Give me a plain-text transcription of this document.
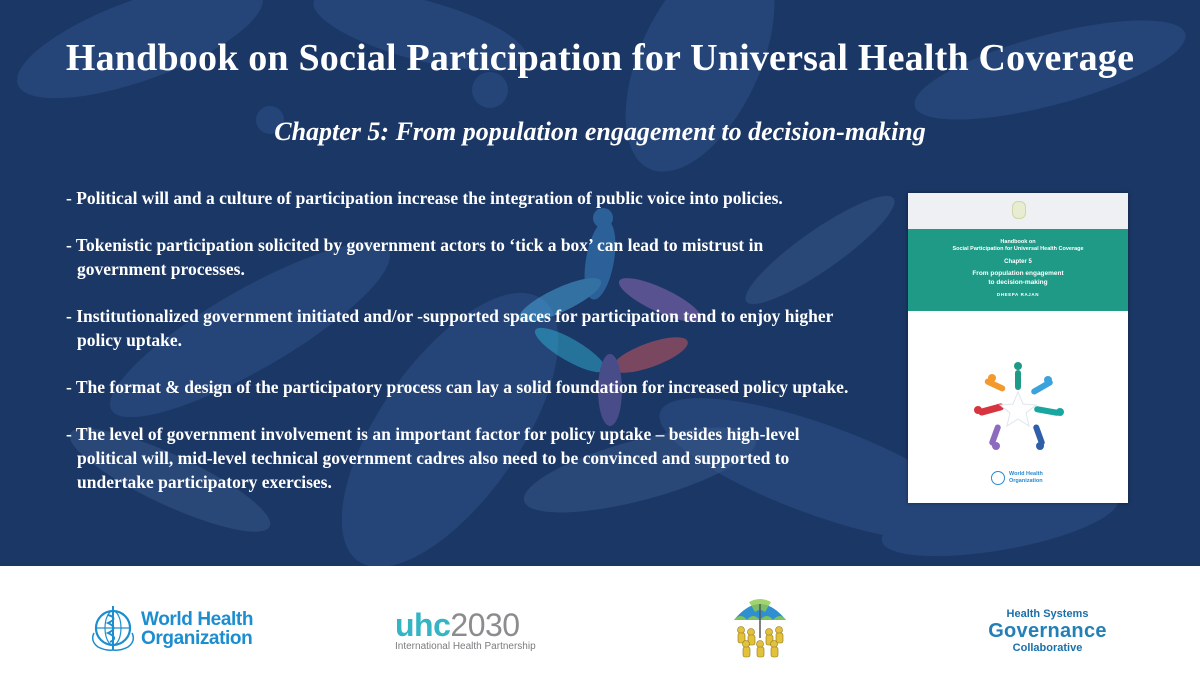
Handbook on Social Participation for Universal Health Coverage
Chapter 5: From population engagement to decision-making
- Political will and a culture of participation increase the integration of public voice into policies.
- Tokenistic participation solicited by government actors to ‘tick a box’ can lead to mistrust in government processes.
- Institutionalized government initiated and/or -supported spaces for participation tend to enjoy higher policy uptake.
- The format & design of the participatory process can lay a solid foundation for increased policy uptake.
- The level of government involvement is an important factor for policy uptake – besides high-level political will, mid-level technical government cadres also need to be convinced and supported to undertake participatory exercises.
Handbook on
Social Participation for Universal Health Coverage
Chapter 5
From population engagement
to decision-making
DHEEPA RAJAN
World Health
Organization
World Health
Organization	uhc2030
International Health Partnership
Health Systems
Governance
Collaborative
